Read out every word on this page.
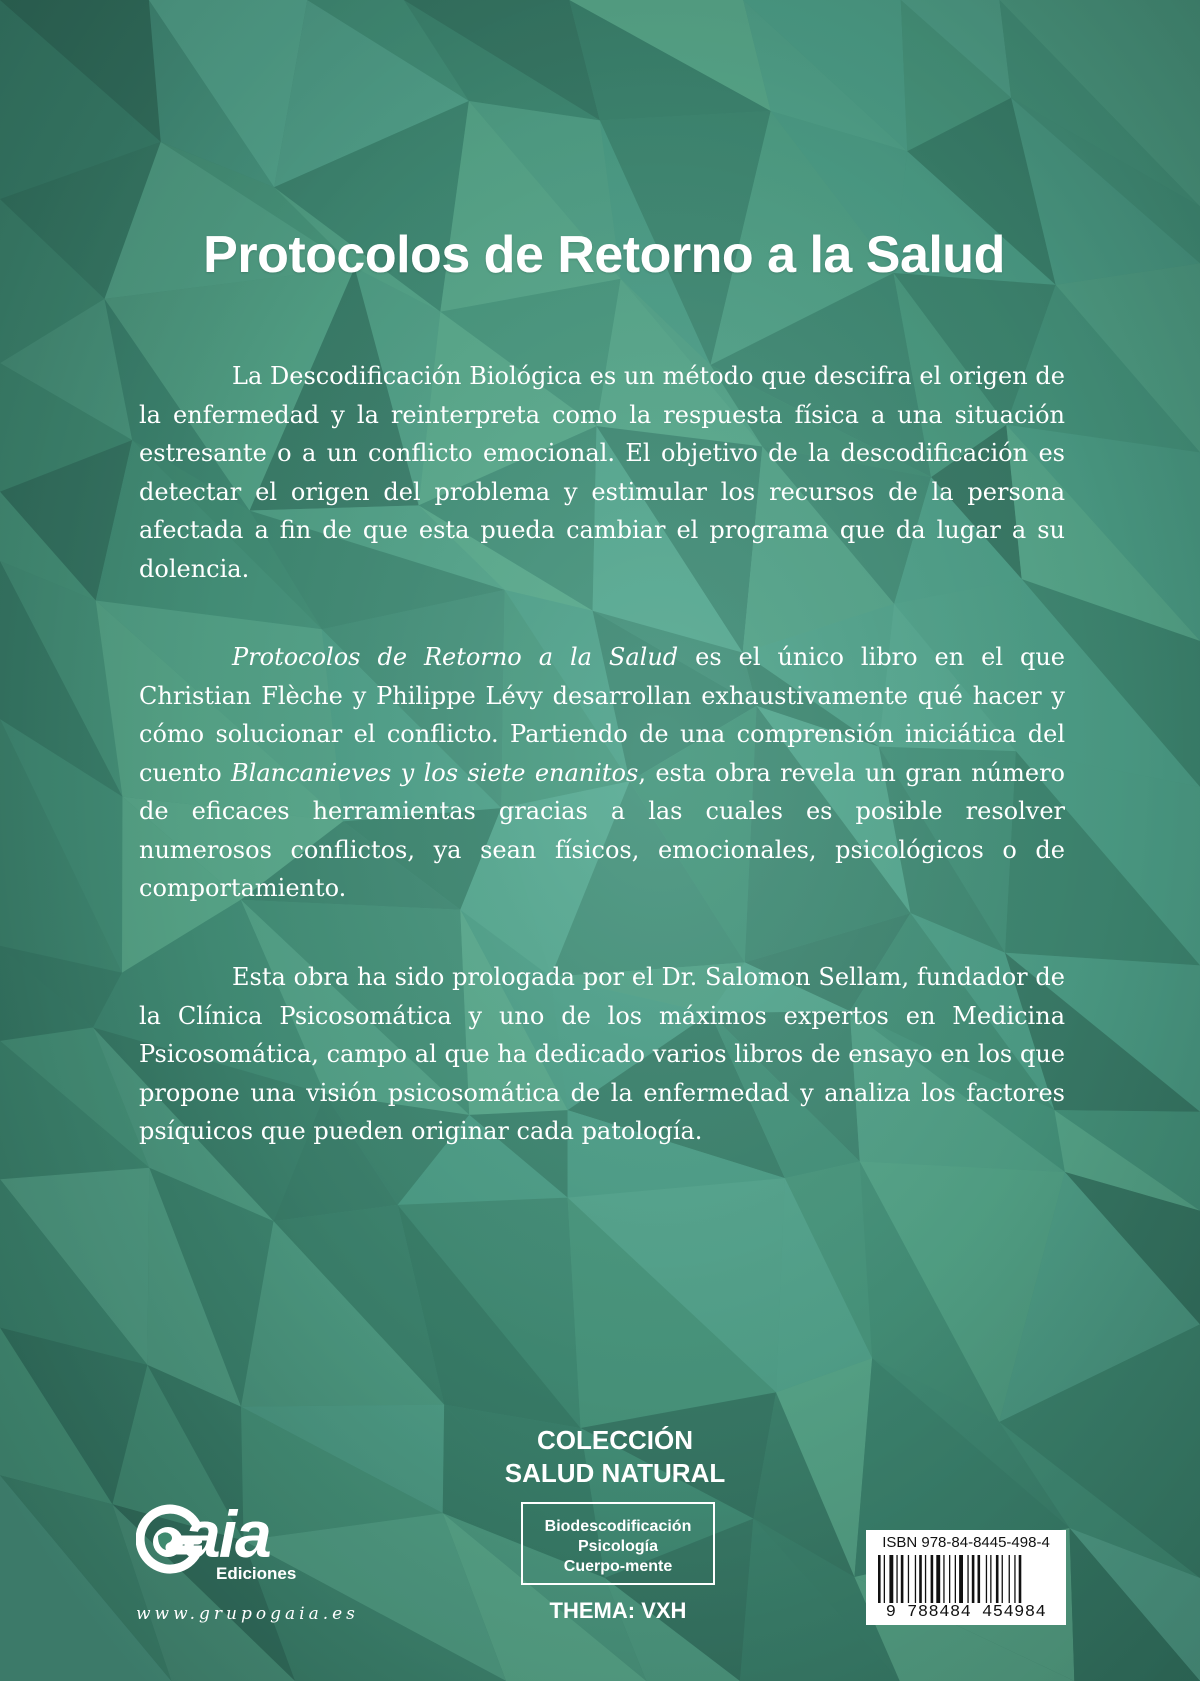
Protocolos de Retorno a la Salud

La Descodificación Biológica es un método que descifra el origen de la enfermedad y la reinterpreta como la respuesta física a una situación estresante o a un conflicto emocional. El objetivo de la descodificación es detectar el origen del problema y estimular los recursos de la persona afectada a fin de que esta pueda cambiar el programa que da lugar a su dolencia.

Protocolos de Retorno a la Salud es el único libro en el que Christian Flèche y Philippe Lévy desarrollan exhaustivamente qué hacer y cómo solucionar el conflicto. Partiendo de una comprensión iniciática del cuento Blancanieves y los siete enanitos, esta obra revela un gran número de eficaces herramientas gracias a las cuales es posible resolver numerosos conflictos, ya sean físicos, emocionales, psicológicos o de comportamiento.

Esta obra ha sido prologada por el Dr. Salomon Sellam, fundador de la Clínica Psicosomática y uno de los máximos expertos en Medicina Psicosomática, campo al que ha dedicado varios libros de ensayo en los que propone una visión psicosomática de la enfermedad y analiza los factores psíquicos que pueden originar cada patología.

COLECCIÓN
SALUD NATURAL
Biodescodificación
Psicología
Cuerpo-mente
THEMA: VXH
aia
Ediciones
www.grupogaia.es
ISBN 978-84-8445-498-4
9 788484 454984
